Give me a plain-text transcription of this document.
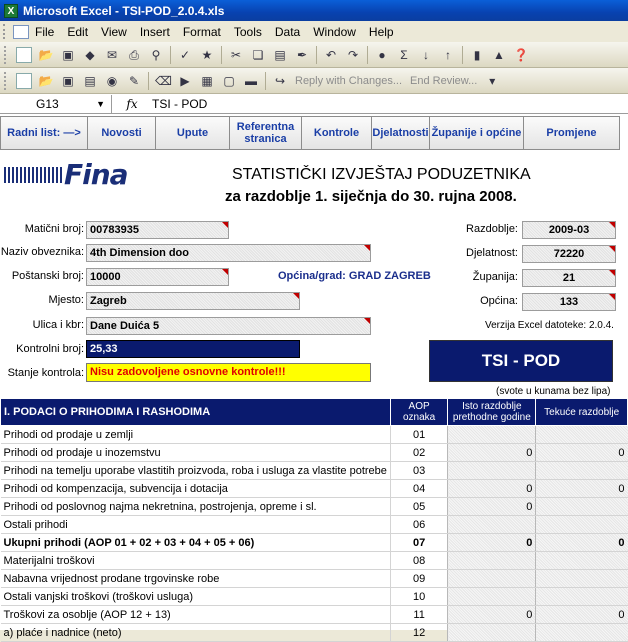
X Microsoft Excel - TSI-POD_2.0.4.xls
File Edit View Insert Format Tools Data Window Help
📂 ▣ ◆ ✉ ⎙ ⚲	✓ ★ ✂ ❏ ▤ ✒ ↶ ↷	●	Σ	↓	↑	▮	▲ ❓
📂 ▣ ▤ ◉ ✎ ⌫ ▶ ▦ ▢ ▬ ↪ Reply with Changes... End Review... ▾
G13	▼	fx	TSI - POD
Radni list: —>	Novosti	Upute	Referentna stranica	Kontrole	Djelatnosti Županije i općine	Promjene
Fina	STATISTIČKI IZVJEŠTAJ PODUZETNIKA
za razdoblje 1. siječnja do 30. rujna 2008.
Matični broj: 00783935
Naziv obveznika: 4th Dimension doo
Poštanski broj: 10000	Općina/grad: GRAD ZAGREB
Mjesto: Zagreb
Ulica i kbr: Dane Duića 5
Kontrolni broj: 25,33
Stanje kontrola: Nisu zadovoljene osnovne kontrole!!!
Razdoblje:	2009-03
Djelatnost:	72220
Županija:	21
Općina:	133
Verzija Excel datoteke: 2.0.4.
TSI - POD
(svote u kunama bez lipa)
I. PODACI O PRIHODIMA I RASHODIMA	AOP oznaka	Isto razdoblje prethodne godine	Tekuće razdoblje
Prihodi od prodaje u zemlji	01		
Prihodi od prodaje u inozemstvu	02	0	0
Prihodi na temelju uporabe vlastitih proizvoda, roba i usluga za vlastite potrebe	03		
Prihodi od kompenzacija, subvencija i dotacija	04	0	0
Prihodi od poslovnog najma nekretnina, postrojenja, opreme i sl.	05	0	
Ostali prihodi	06		
Ukupni prihodi (AOP 01 + 02 + 03 + 04 + 05 + 06)	07	0	0
Materijalni troškovi	08		
Nabavna vrijednost prodane trgovinske robe	09		
Ostali vanjski troškovi (troškovi usluga)	10		
Troškovi za osoblje (AOP 12 + 13)	11	0	0
a) plaće i nadnice (neto)	12		
